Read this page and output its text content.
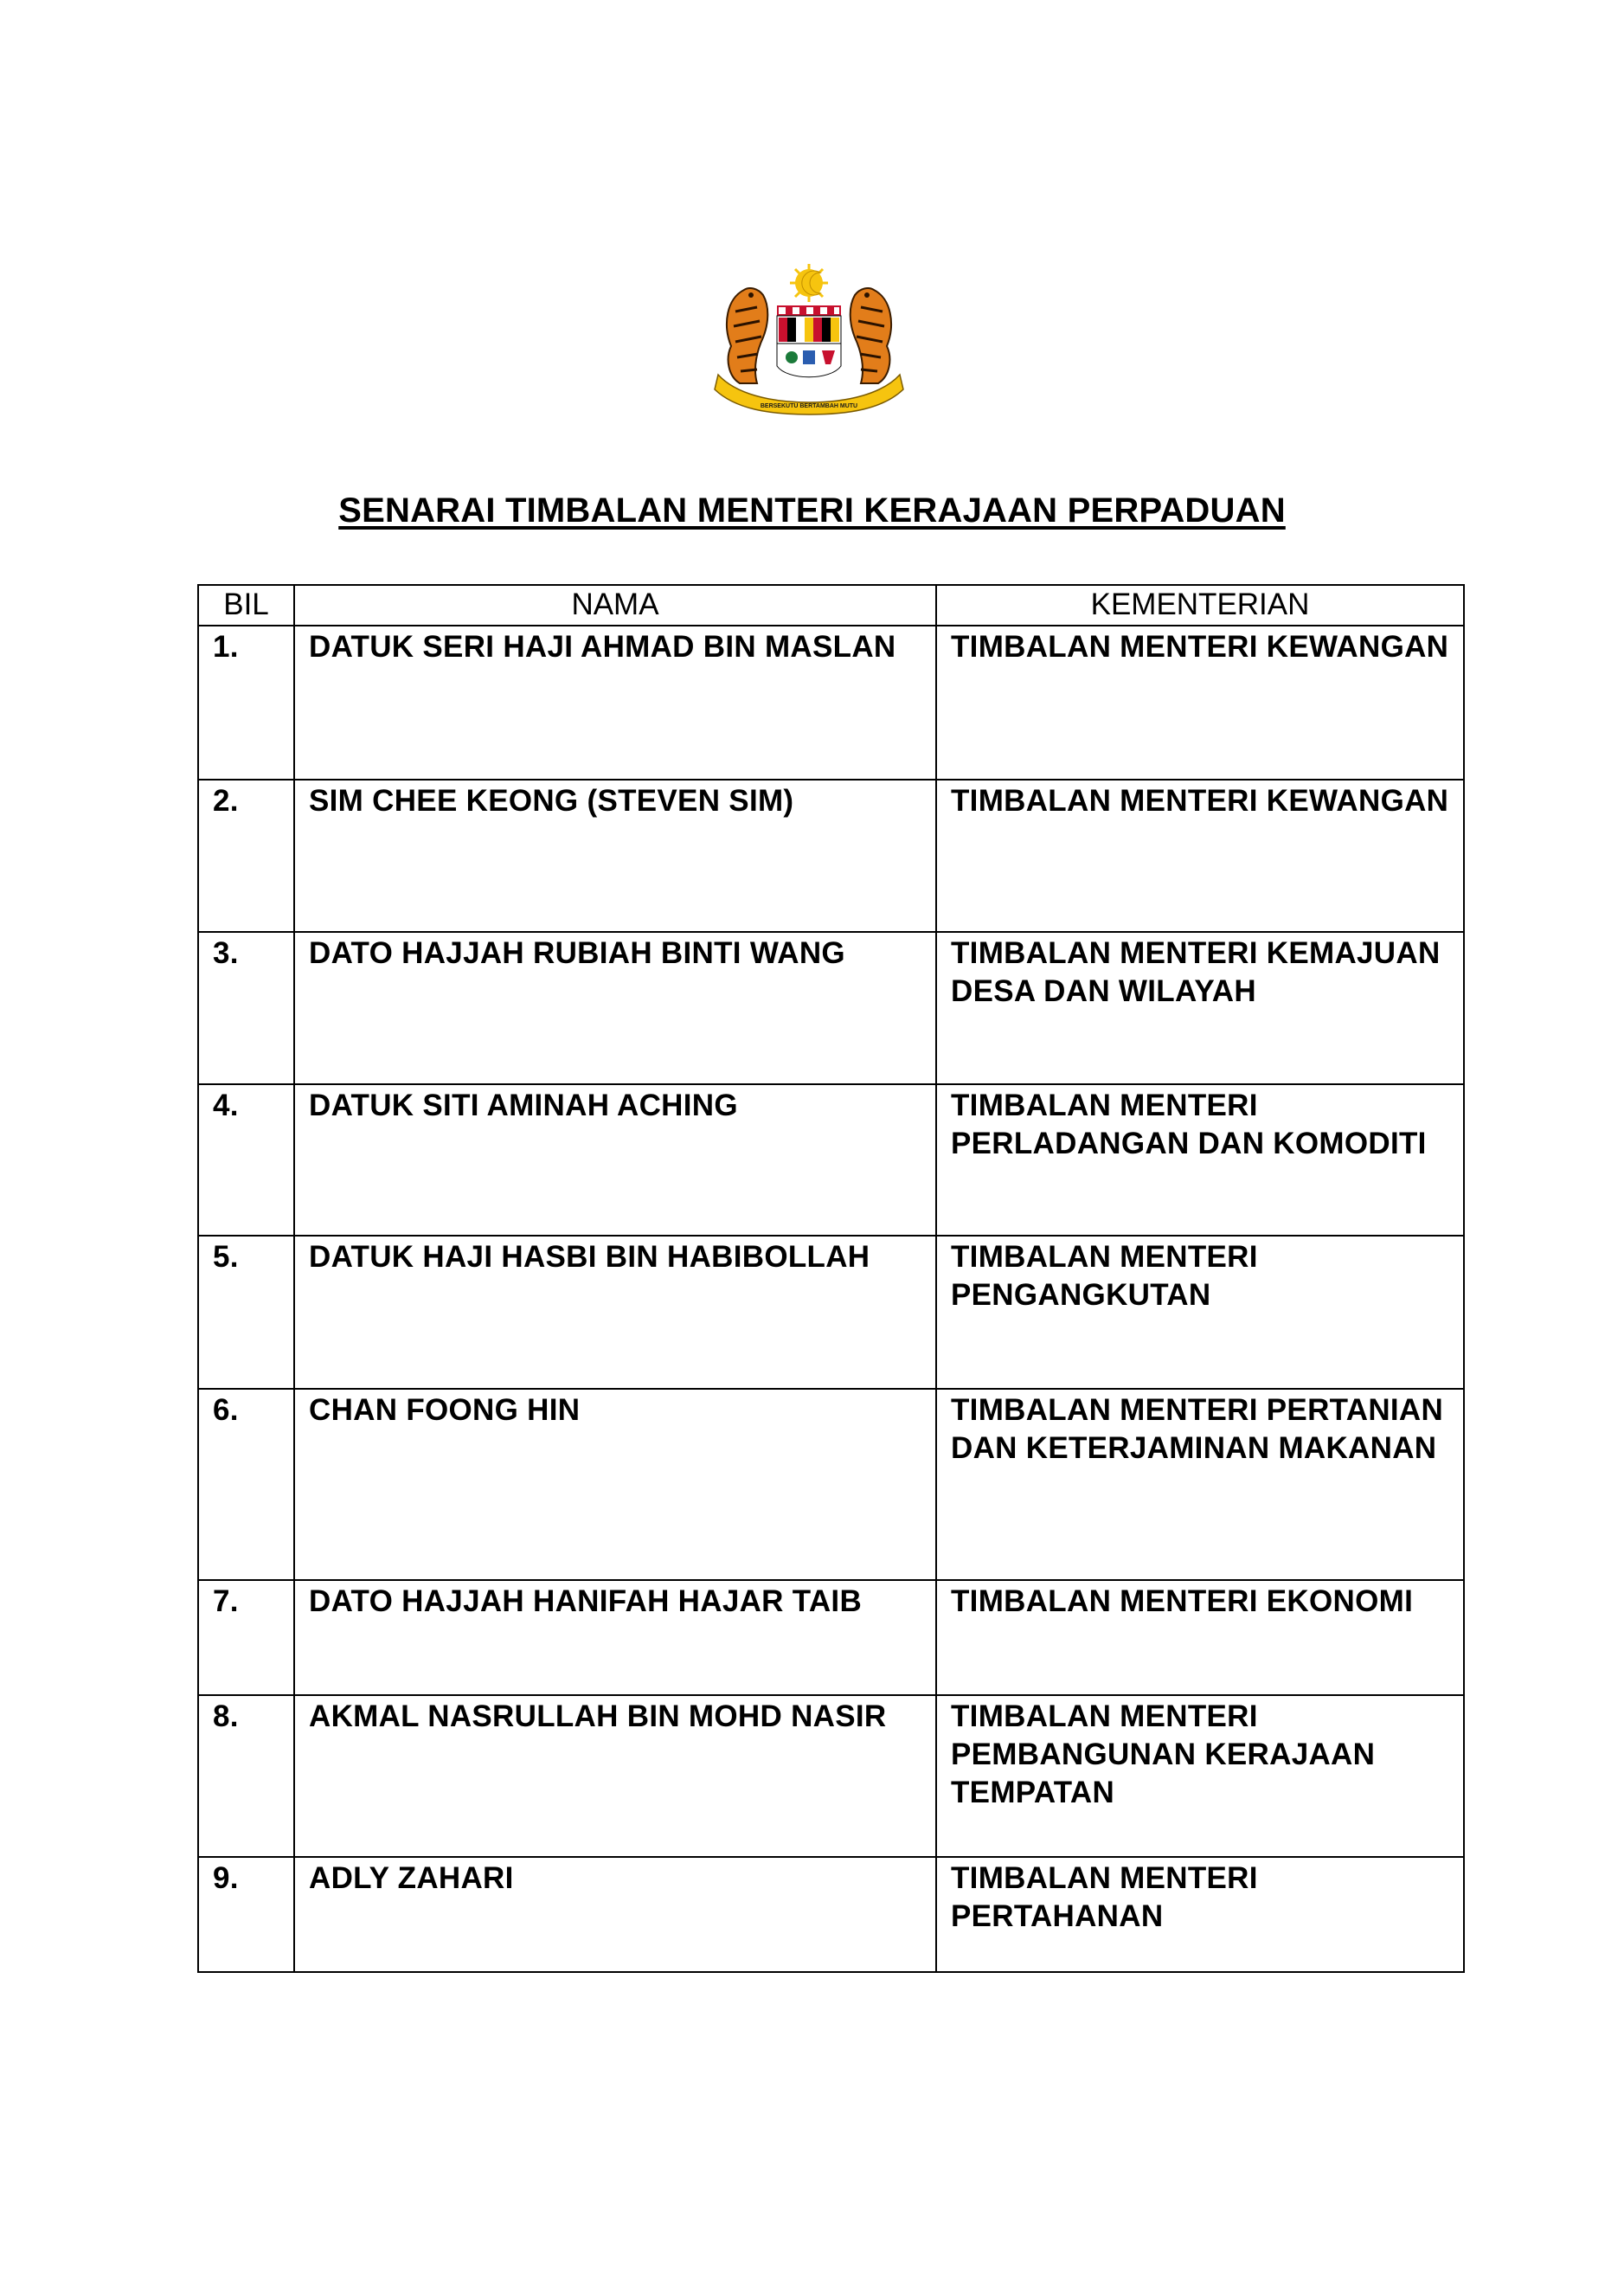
BERSEKUTU BERTAMBAH MUTU
SENARAI TIMBALAN MENTERI KERAJAAN PERPADUAN
BIL	NAMA	KEMENTERIAN
1.	DATUK SERI HAJI AHMAD BIN MASLAN	TIMBALAN MENTERI KEWANGAN
2.	SIM CHEE KEONG (STEVEN SIM)	TIMBALAN MENTERI KEWANGAN
3.	DATO HAJJAH RUBIAH BINTI WANG	TIMBALAN MENTERI KEMAJUAN DESA DAN WILAYAH
4.	DATUK SITI AMINAH ACHING	TIMBALAN MENTERI PERLADANGAN DAN KOMODITI
5.	DATUK HAJI HASBI BIN HABIBOLLAH	TIMBALAN MENTERI PENGANGKUTAN
6.	CHAN FOONG HIN	TIMBALAN MENTERI PERTANIAN DAN KETERJAMINAN MAKANAN
7.	DATO HAJJAH HANIFAH HAJAR TAIB	TIMBALAN MENTERI EKONOMI
8.	AKMAL NASRULLAH BIN MOHD NASIR	TIMBALAN MENTERI PEMBANGUNAN KERAJAAN TEMPATAN
9.	ADLY ZAHARI	TIMBALAN MENTERI PERTAHANAN
